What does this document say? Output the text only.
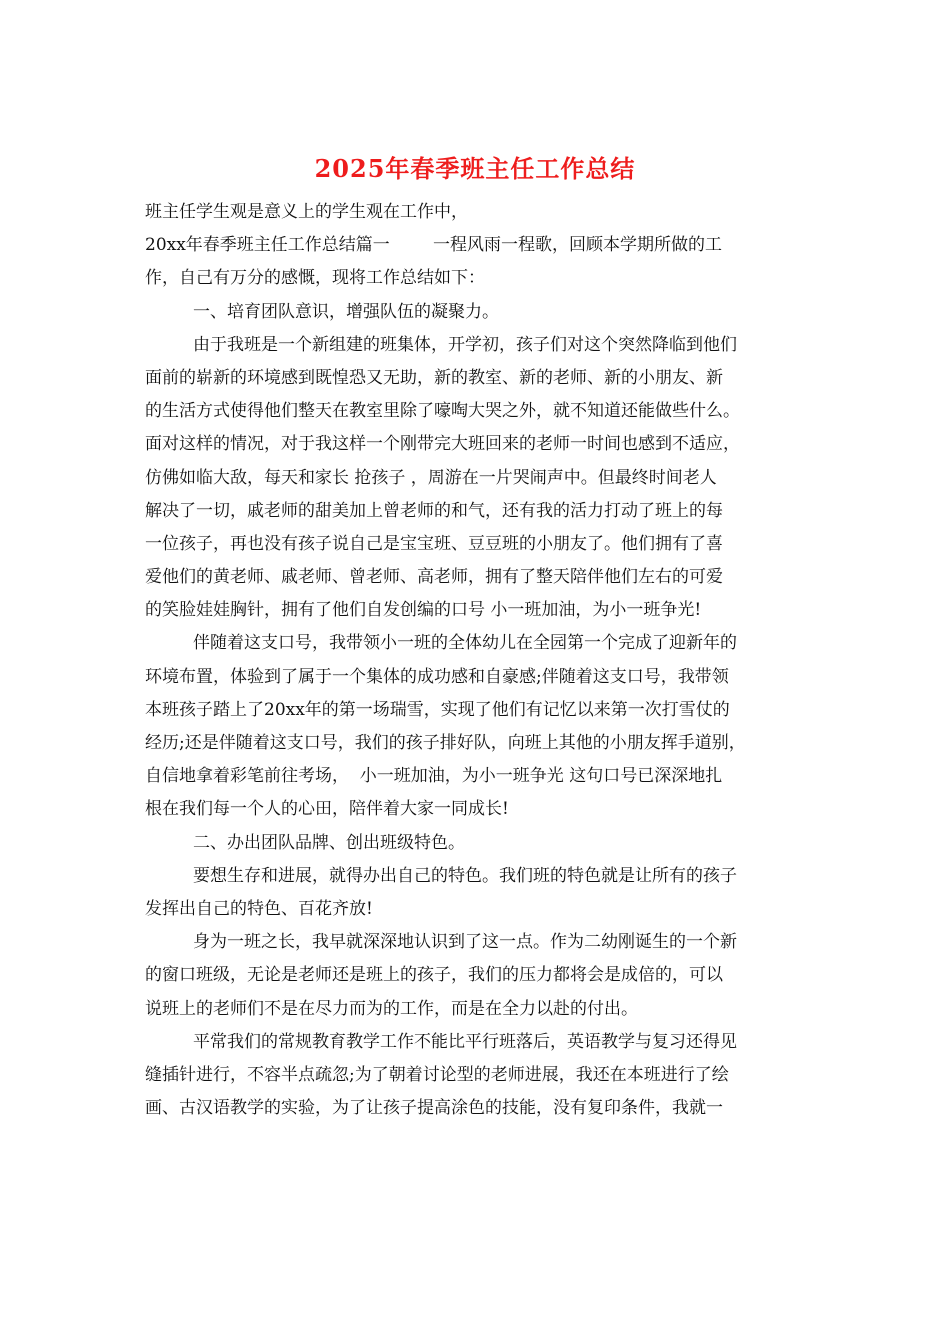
2025年春季班主任工作总结
班主任学生观是意义上的学生观在工作中，
20xx年春季班主任工作总结篇一        一程风雨一程歌，回顾本学期所做的工
作，自己有万分的感慨，现将工作总结如下：
一、培育团队意识，增强队伍的凝聚力。
由于我班是一个新组建的班集体，开学初，孩子们对这个突然降临到他们
面前的崭新的环境感到既惶恐又无助，新的教室、新的老师、新的小朋友、新
的生活方式使得他们整天在教室里除了嚎啕大哭之外，就不知道还能做些什么。
面对这样的情况，对于我这样一个刚带完大班回来的老师一时间也感到不适应，
仿佛如临大敌，每天和家长 抢孩子 ，周游在一片哭闹声中。但最终时间老人
解决了一切，戚老师的甜美加上曾老师的和气，还有我的活力打动了班上的每
一位孩子，再也没有孩子说自己是宝宝班、豆豆班的小朋友了。他们拥有了喜
爱他们的黄老师、戚老师、曾老师、高老师，拥有了整天陪伴他们左右的可爱
的笑脸娃娃胸针，拥有了他们自发创编的口号 小一班加油，为小一班争光!
伴随着这支口号，我带领小一班的全体幼儿在全园第一个完成了迎新年的
环境布置，体验到了属于一个集体的成功感和自豪感;伴随着这支口号，我带领
本班孩子踏上了20xx年的第一场瑞雪，实现了他们有记忆以来第一次打雪仗的
经历;还是伴随着这支口号，我们的孩子排好队，向班上其他的小朋友挥手道别，
自信地拿着彩笔前往考场，  小一班加油，为小一班争光 这句口号已深深地扎
根在我们每一个人的心田，陪伴着大家一同成长!
二、办出团队品牌、创出班级特色。
要想生存和进展，就得办出自己的特色。我们班的特色就是让所有的孩子
发挥出自己的特色、百花齐放!
身为一班之长，我早就深深地认识到了这一点。作为二幼刚诞生的一个新
的窗口班级，无论是老师还是班上的孩子，我们的压力都将会是成倍的，可以
说班上的老师们不是在尽力而为的工作，而是在全力以赴的付出。
平常我们的常规教育教学工作不能比平行班落后，英语教学与复习还得见
缝插针进行，不容半点疏忽;为了朝着讨论型的老师进展，我还在本班进行了绘
画、古汉语教学的实验，为了让孩子提高涂色的技能，没有复印条件，我就一
